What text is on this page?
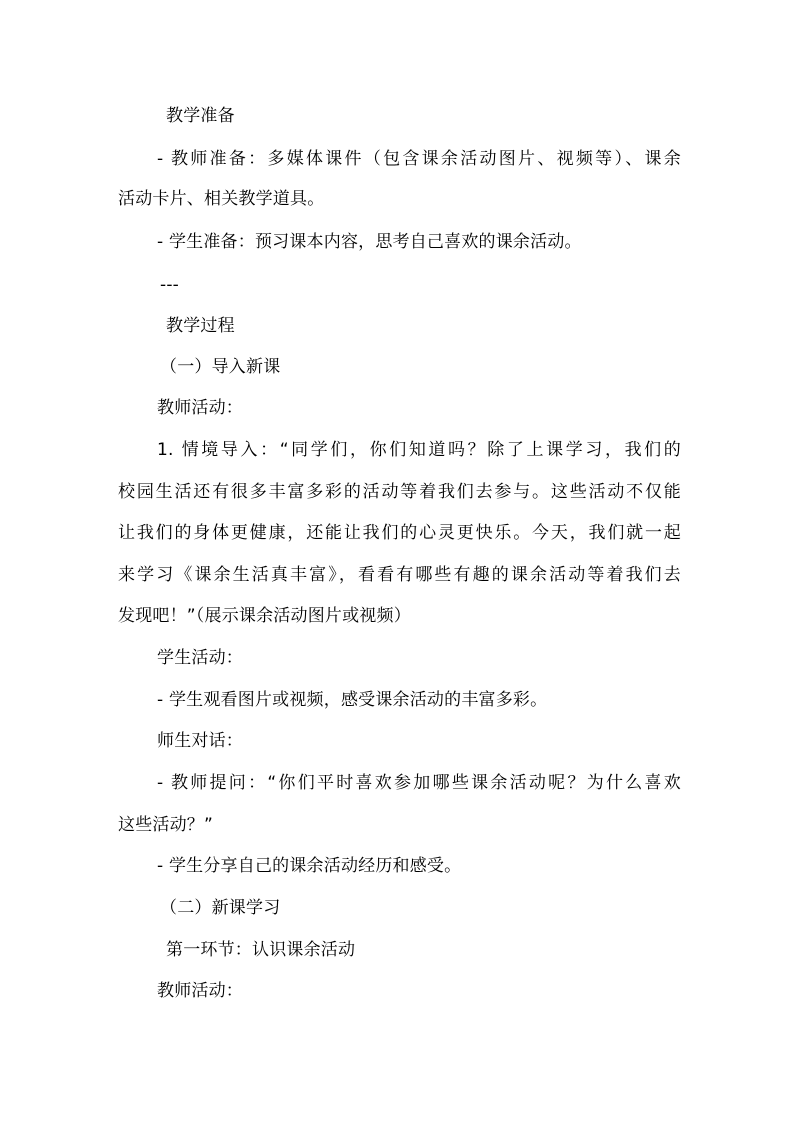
教学准备
- 教师准备：多媒体课件（包含课余活动图片、视频等）、课余
活动卡片、相关教学道具。
- 学生准备：预习课本内容，思考自己喜欢的课余活动。
---
教学过程
（一）导入新课
教师活动：
1. 情境导入：“同学们，你们知道吗？除了上课学习，我们的
校园生活还有很多丰富多彩的活动等着我们去参与。这些活动不仅能
让我们的身体更健康，还能让我们的心灵更快乐。今天，我们就一起
来学习《课余生活真丰富》，看看有哪些有趣的课余活动等着我们去
发现吧！”（展示课余活动图片或视频）
学生活动：
- 学生观看图片或视频，感受课余活动的丰富多彩。
师生对话：
- 教师提问：“你们平时喜欢参加哪些课余活动呢？为什么喜欢
这些活动？”
- 学生分享自己的课余活动经历和感受。
（二）新课学习
第一环节：认识课余活动
教师活动：
